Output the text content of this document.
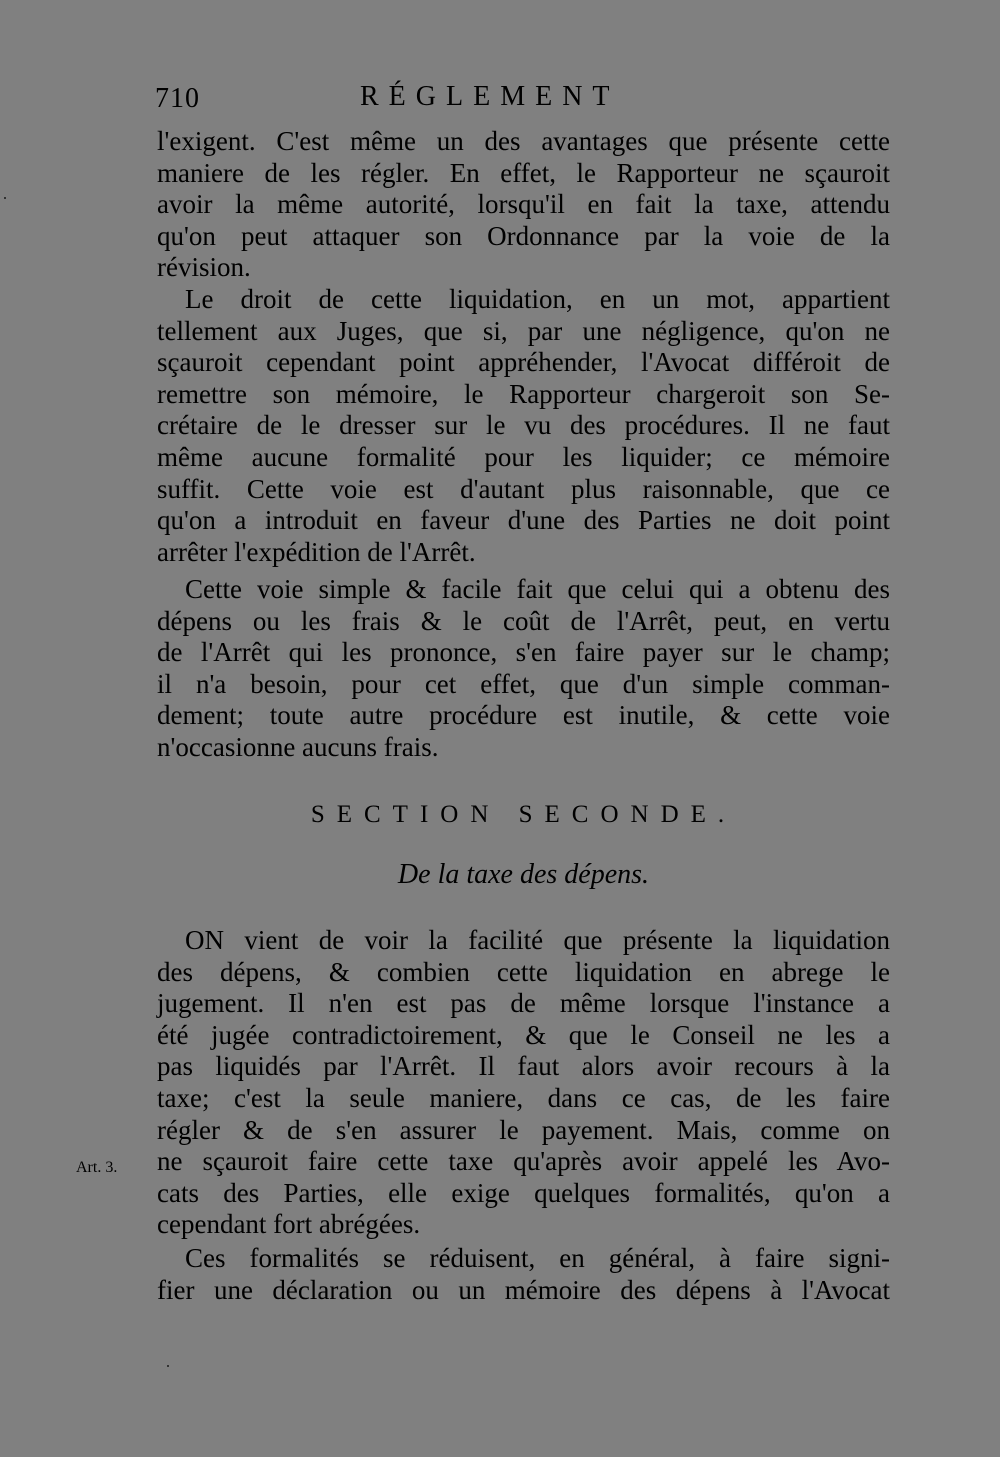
710	RÉGLEMENT
l'exigent. C'est même un des avantages que présente cette
maniere de les régler. En effet, le Rapporteur ne sçauroit
avoir la même autorité, lorsqu'il en fait la taxe, attendu
qu'on peut attaquer son Ordonnance par la voie de la
révision.
Le droit de cette liquidation, en un mot, appartient
tellement aux Juges, que si, par une négligence, qu'on ne
sçauroit cependant point appréhender, l'Avocat différoit de
remettre son mémoire, le Rapporteur chargeroit son Se-
crétaire de le dresser sur le vu des procédures. Il ne faut
même aucune formalité pour les liquider; ce mémoire
suffit. Cette voie est d'autant plus raisonnable, que ce
qu'on a introduit en faveur d'une des Parties ne doit point
arrêter l'expédition de l'Arrêt.
Cette voie simple & facile fait que celui qui a obtenu des
dépens ou les frais & le coût de l'Arrêt, peut, en vertu
de l'Arrêt qui les prononce, s'en faire payer sur le champ;
il n'a besoin, pour cet effet, que d'un simple comman-
dement; toute autre procédure est inutile, & cette voie
n'occasionne aucuns frais.
SECTION SECONDE.
De la taxe des dépens.
ON vient de voir la facilité que présente la liquidation
des dépens, & combien cette liquidation en abrege le
jugement. Il n'en est pas de même lorsque l'instance a
été jugée contradictoirement, & que le Conseil ne les a
pas liquidés par l'Arrêt. Il faut alors avoir recours à la
taxe; c'est la seule maniere, dans ce cas, de les faire
régler & de s'en assurer le payement. Mais, comme on
ne sçauroit faire cette taxe qu'après avoir appelé les Avo-
cats des Parties, elle exige quelques formalités, qu'on a
cependant fort abrégées.
Ces formalités se réduisent, en général, à faire signi-
fier une déclaration ou un mémoire des dépens à l'Avocat
Art. 3.
